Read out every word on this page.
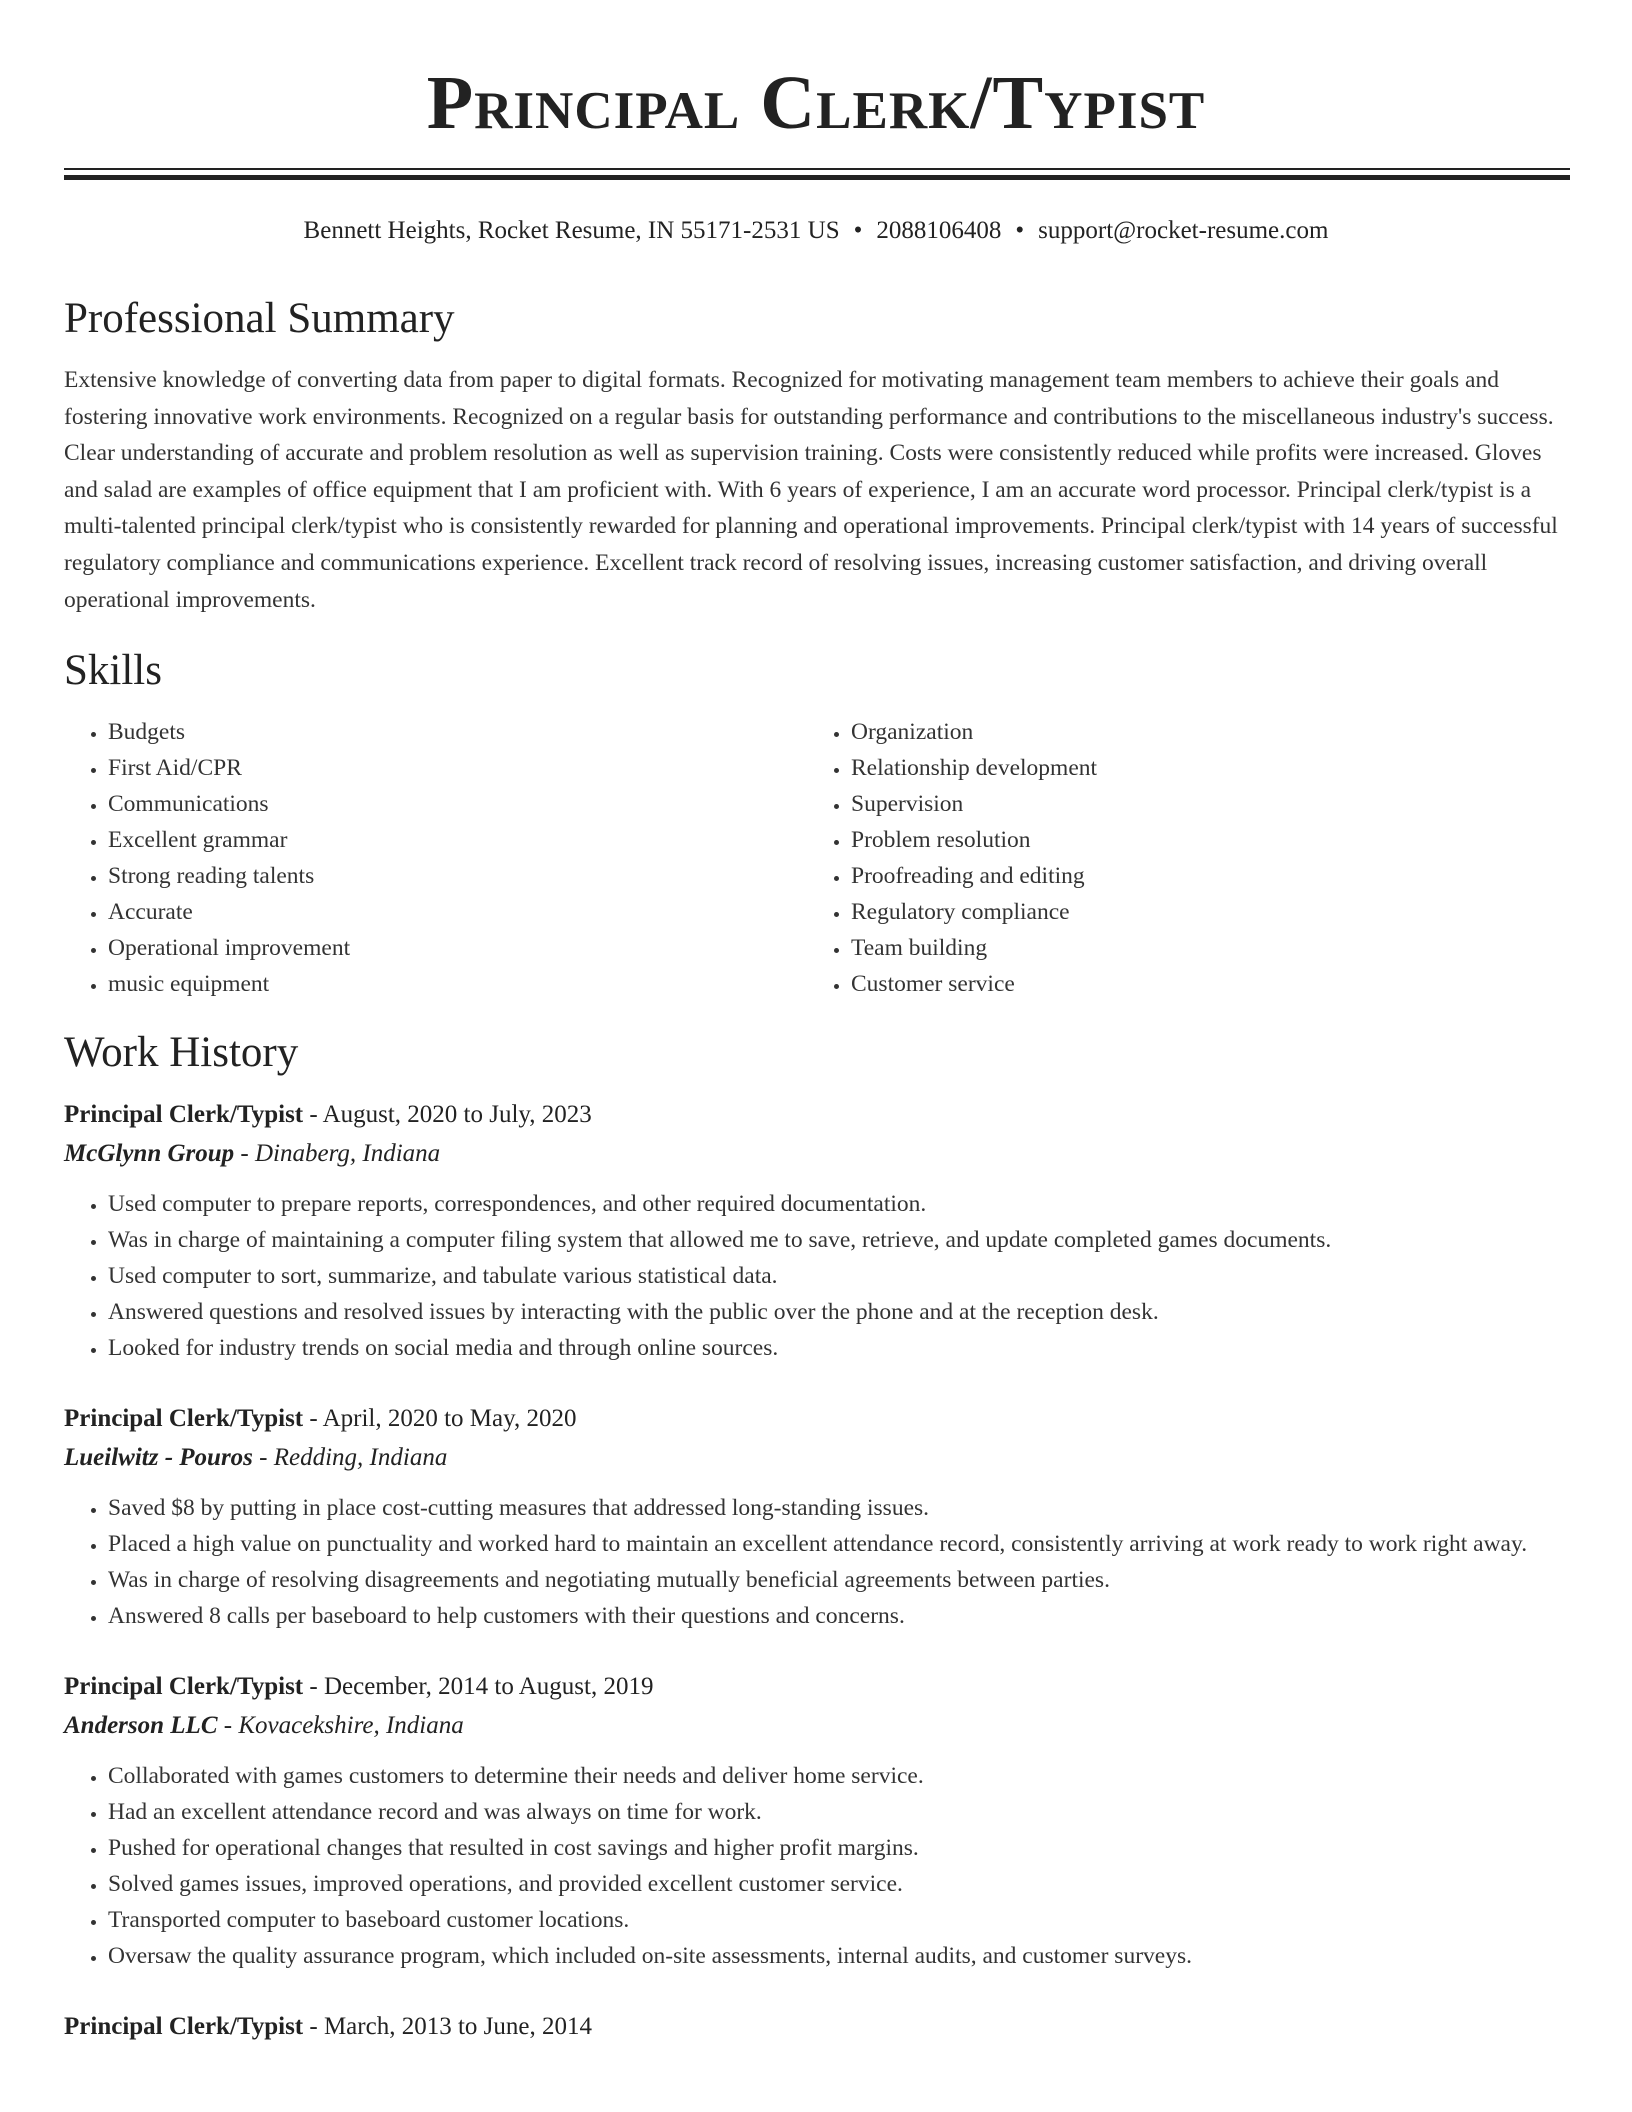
Principal Clerk/Typist
Bennett Heights, Rocket Resume, IN 55171-2531 US • 2088106408 • support@rocket-resume.com
Professional Summary

Extensive knowledge of converting data from paper to digital formats. Recognized for motivating management team members to achieve their goals and fostering innovative work environments. Recognized on a regular basis for outstanding performance and contributions to the miscellaneous industry's success. Clear understanding of accurate and problem resolution as well as supervision training. Costs were consistently reduced while profits were increased. Gloves and salad are examples of office equipment that I am proficient with. With 6 years of experience, I am an accurate word processor. Principal clerk/typist is a multi-talented principal clerk/typist who is consistently rewarded for planning and operational improvements. Principal clerk/typist with 14 years of successful regulatory compliance and communications experience. Excellent track record of resolving issues, increasing customer satisfaction, and driving overall operational improvements.

Skills
• Budgets
• First Aid/CPR
• Communications
• Excellent grammar
• Strong reading talents
• Accurate
• Operational improvement
• music equipment
• Organization
• Relationship development
• Supervision
• Problem resolution
• Proofreading and editing
• Regulatory compliance
• Team building
• Customer service
Work History
Principal Clerk/Typist - August, 2020 to July, 2023
McGlynn Group - Dinaberg, Indiana
• Used computer to prepare reports, correspondences, and other required documentation.
• Was in charge of maintaining a computer filing system that allowed me to save, retrieve, and update completed games documents.
• Used computer to sort, summarize, and tabulate various statistical data.
• Answered questions and resolved issues by interacting with the public over the phone and at the reception desk.
• Looked for industry trends on social media and through online sources.
Principal Clerk/Typist - April, 2020 to May, 2020
Lueilwitz - Pouros - Redding, Indiana
• Saved $8 by putting in place cost-cutting measures that addressed long-standing issues.
• Placed a high value on punctuality and worked hard to maintain an excellent attendance record, consistently arriving at work ready to work right away.
• Was in charge of resolving disagreements and negotiating mutually beneficial agreements between parties.
• Answered 8 calls per baseboard to help customers with their questions and concerns.
Principal Clerk/Typist - December, 2014 to August, 2019
Anderson LLC - Kovacekshire, Indiana
• Collaborated with games customers to determine their needs and deliver home service.
• Had an excellent attendance record and was always on time for work.
• Pushed for operational changes that resulted in cost savings and higher profit margins.
• Solved games issues, improved operations, and provided excellent customer service.
• Transported computer to baseboard customer locations.
• Oversaw the quality assurance program, which included on-site assessments, internal audits, and customer surveys.
Principal Clerk/Typist - March, 2013 to June, 2014
